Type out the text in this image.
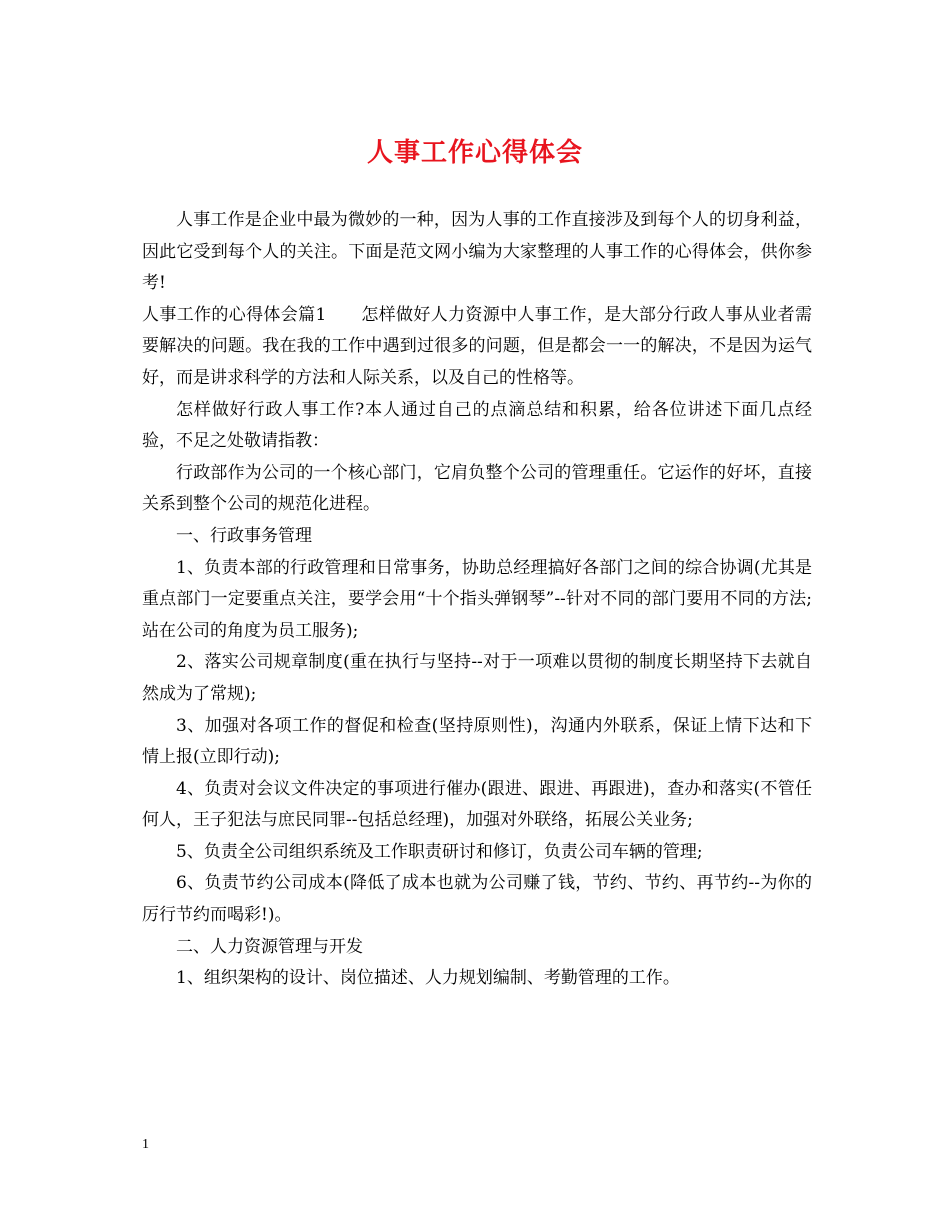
人事工作心得体会

人事工作是企业中最为微妙的一种，因为人事的工作直接涉及到每个人的切身利益，因此它受到每个人的关注。下面是范文网小编为大家整理的人事工作的心得体会，供你参考!

人事工作的心得体会篇1　　怎样做好人力资源中人事工作，是大部分行政人事从业者需要解决的问题。我在我的工作中遇到过很多的问题，但是都会一一的解决，不是因为运气好，而是讲求科学的方法和人际关系，以及自己的性格等。

怎样做好行政人事工作?本人通过自己的点滴总结和积累，给各位讲述下面几点经验，不足之处敬请指教：

行政部作为公司的一个核心部门，它肩负整个公司的管理重任。它运作的好坏，直接关系到整个公司的规范化进程。

一、行政事务管理

1、负责本部的行政管理和日常事务，协助总经理搞好各部门之间的综合协调(尤其是重点部门一定要重点关注，要学会用“十个指头弹钢琴”--针对不同的部门要用不同的方法;站在公司的角度为员工服务);

2、落实公司规章制度(重在执行与坚持--对于一项难以贯彻的制度长期坚持下去就自然成为了常规);

3、加强对各项工作的督促和检查(坚持原则性)，沟通内外联系，保证上情下达和下情上报(立即行动);

4、负责对会议文件决定的事项进行催办(跟进、跟进、再跟进)，查办和落实(不管任何人，王子犯法与庶民同罪--包括总经理)，加强对外联络，拓展公关业务;

5、负责全公司组织系统及工作职责研讨和修订，负责公司车辆的管理;

6、负责节约公司成本(降低了成本也就为公司赚了钱，节约、节约、再节约--为你的厉行节约而喝彩!)。

二、人力资源管理与开发

1、组织架构的设计、岗位描述、人力规划编制、考勤管理的工作。

1
